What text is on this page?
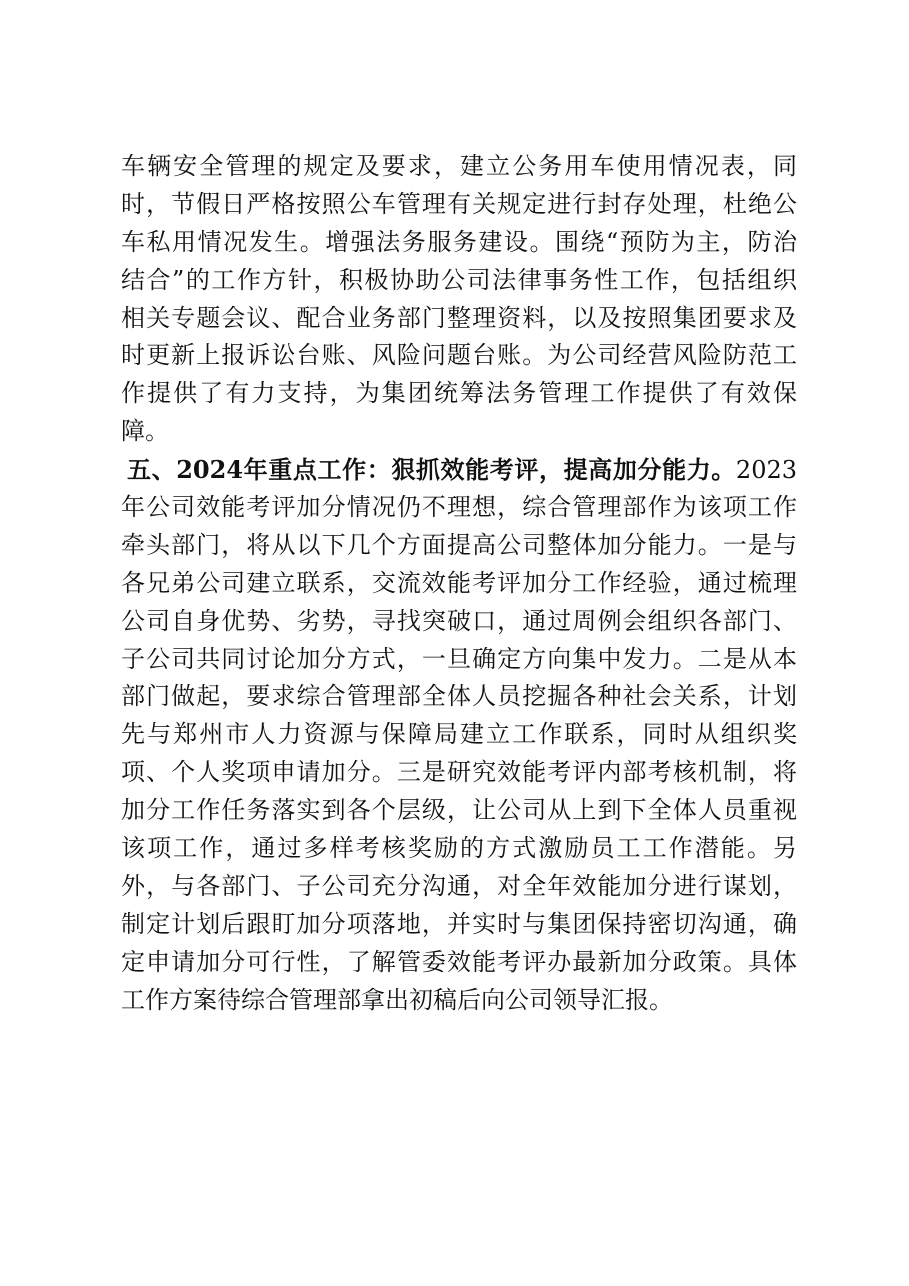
车辆安全管理的规定及要求，建立公务用车使用情况表，同
时，节假日严格按照公车管理有关规定进行封存处理，杜绝公
车私用情况发生。增强法务服务建设。围绕“预防为主，防治
结合”的工作方针，积极协助公司法律事务性工作，包括组织
相关专题会议、配合业务部门整理资料，以及按照集团要求及
时更新上报诉讼台账、风险问题台账。为公司经营风险防范工
作提供了有力支持，为集团统筹法务管理工作提供了有效保
障。
五、2024年重点工作：狠抓效能考评，提高加分能力。2023
年公司效能考评加分情况仍不理想，综合管理部作为该项工作
牵头部门，将从以下几个方面提高公司整体加分能力。一是与
各兄弟公司建立联系，交流效能考评加分工作经验，通过梳理
公司自身优势、劣势，寻找突破口，通过周例会组织各部门、
子公司共同讨论加分方式，一旦确定方向集中发力。二是从本
部门做起，要求综合管理部全体人员挖掘各种社会关系，计划
先与郑州市人力资源与保障局建立工作联系，同时从组织奖
项、个人奖项申请加分。三是研究效能考评内部考核机制，将
加分工作任务落实到各个层级，让公司从上到下全体人员重视
该项工作，通过多样考核奖励的方式激励员工工作潜能。另
外，与各部门、子公司充分沟通，对全年效能加分进行谋划，
制定计划后跟盯加分项落地，并实时与集团保持密切沟通，确
定申请加分可行性，了解管委效能考评办最新加分政策。具体
工作方案待综合管理部拿出初稿后向公司领导汇报。
